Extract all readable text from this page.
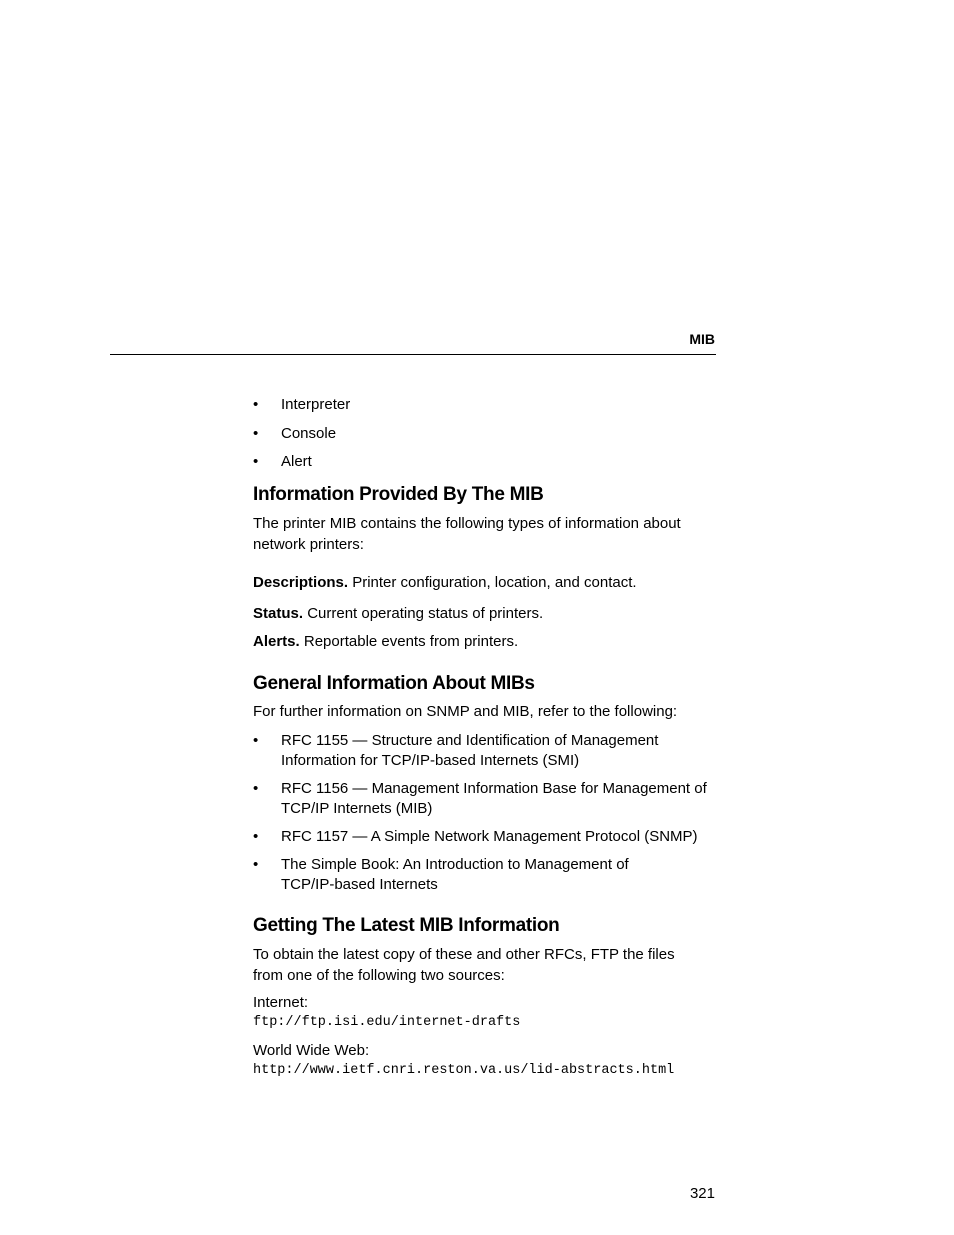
MIB
• Interpreter
• Console
• Alert
Information Provided By The MIB

The printer MIB contains the following types of information about network printers:

Descriptions. Printer configuration, location, and contact.

Status. Current operating status of printers.

Alerts. Reportable events from printers.

General Information About MIBs

For further information on SNMP and MIB, refer to the following:

• RFC 1155 — Structure and Identification of Management Information for TCP/IP-based Internets (SMI)
• RFC 1156 — Management Information Base for Management of TCP/IP Internets (MIB)
• RFC 1157 — A Simple Network Management Protocol (SNMP)
• The Simple Book: An Introduction to Management of TCP/IP-based Internets
Getting The Latest MIB Information

To obtain the latest copy of these and other RFCs, FTP the files from one of the following two sources:

Internet:

ftp://ftp.isi.edu/internet-drafts

World Wide Web:

http://www.ietf.cnri.reston.va.us/lid-abstracts.html

321
